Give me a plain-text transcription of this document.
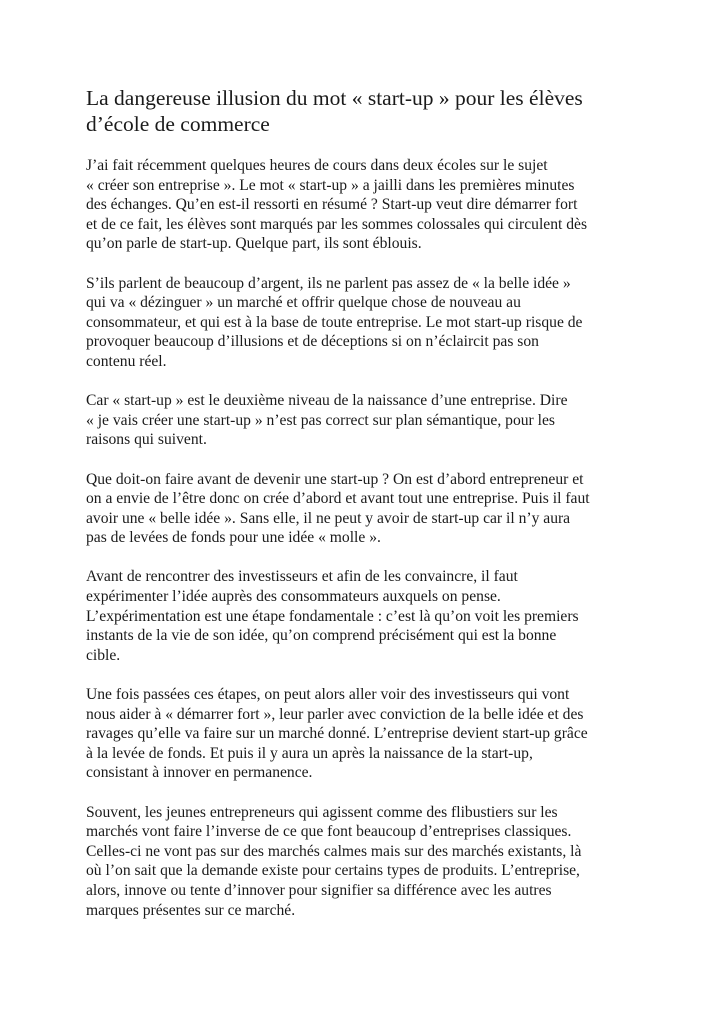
La dangereuse illusion du mot « start-up » pour les élèves
d’école de commerce

J’ai fait récemment quelques heures de cours dans deux écoles sur le sujet
« créer son entreprise ». Le mot « start-up » a jailli dans les premières minutes
des échanges. Qu’en est-il ressorti en résumé ? Start-up veut dire démarrer fort
et de ce fait, les élèves sont marqués par les sommes colossales qui circulent dès
qu’on parle de start-up. Quelque part, ils sont éblouis.

S’ils parlent de beaucoup d’argent, ils ne parlent pas assez de « la belle idée »
qui va « dézinguer » un marché et offrir quelque chose de nouveau au
consommateur, et qui est à la base de toute entreprise. Le mot start-up risque de
provoquer beaucoup d’illusions et de déceptions si on n’éclaircit pas son
contenu réel.

Car « start-up » est le deuxième niveau de la naissance d’une entreprise. Dire
« je vais créer une start-up » n’est pas correct sur plan sémantique, pour les
raisons qui suivent.

Que doit-on faire avant de devenir une start-up ? On est d’abord entrepreneur et
on a envie de l’être donc on crée d’abord et avant tout une entreprise. Puis il faut
avoir une « belle idée ». Sans elle, il ne peut y avoir de start-up car il n’y aura
pas de levées de fonds pour une idée « molle ».

Avant de rencontrer des investisseurs et afin de les convaincre, il faut
expérimenter l’idée auprès des consommateurs auxquels on pense.
L’expérimentation est une étape fondamentale : c’est là qu’on voit les premiers
instants de la vie de son idée, qu’on comprend précisément qui est la bonne
cible.

Une fois passées ces étapes, on peut alors aller voir des investisseurs qui vont
nous aider à « démarrer fort », leur parler avec conviction de la belle idée et des
ravages qu’elle va faire sur un marché donné. L’entreprise devient start-up grâce
à la levée de fonds. Et puis il y aura un après la naissance de la start-up,
consistant à innover en permanence.

Souvent, les jeunes entrepreneurs qui agissent comme des flibustiers sur les
marchés vont faire l’inverse de ce que font beaucoup d’entreprises classiques.
Celles-ci ne vont pas sur des marchés calmes mais sur des marchés existants, là
où l’on sait que la demande existe pour certains types de produits. L’entreprise,
alors, innove ou tente d’innover pour signifier sa différence avec les autres
marques présentes sur ce marché.
